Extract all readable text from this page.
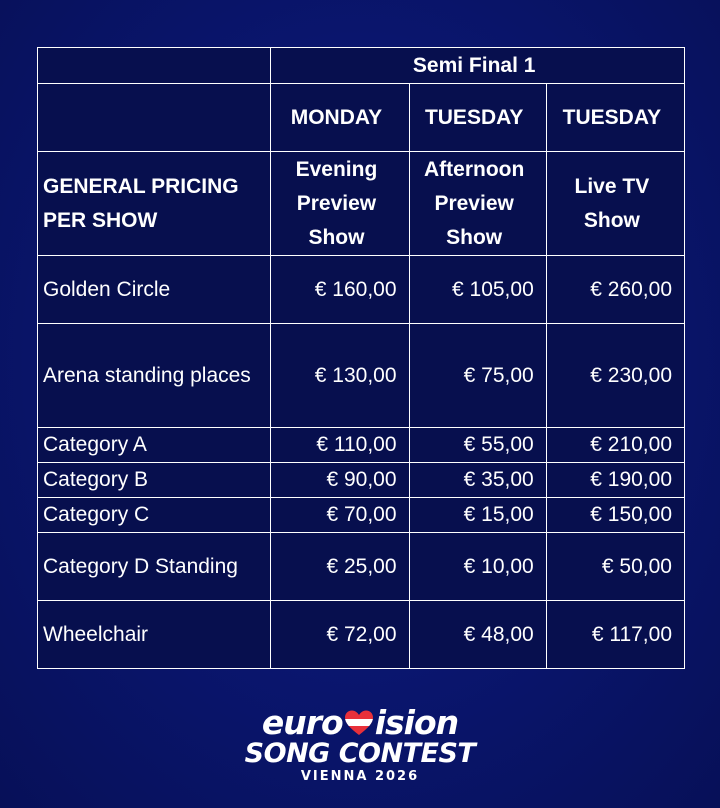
	Semi Final 1		
	MONDAY	TUESDAY	TUESDAY
GENERAL PRICING PER SHOW	Evening Preview Show	Afternoon Preview Show	Live TV Show
Golden Circle	€ 160,00	€ 105,00	€ 260,00
Arena standing places	€ 130,00	€ 75,00	€ 230,00
Category A	€ 110,00	€ 55,00	€ 210,00
Category B	€ 90,00	€ 35,00	€ 190,00
Category C	€ 70,00	€ 15,00	€ 150,00
Category D Standing	€ 25,00	€ 10,00	€ 50,00
Wheelchair	€ 72,00	€ 48,00	€ 117,00
euro ision
SONG CONTEST
VIENNA 2026
